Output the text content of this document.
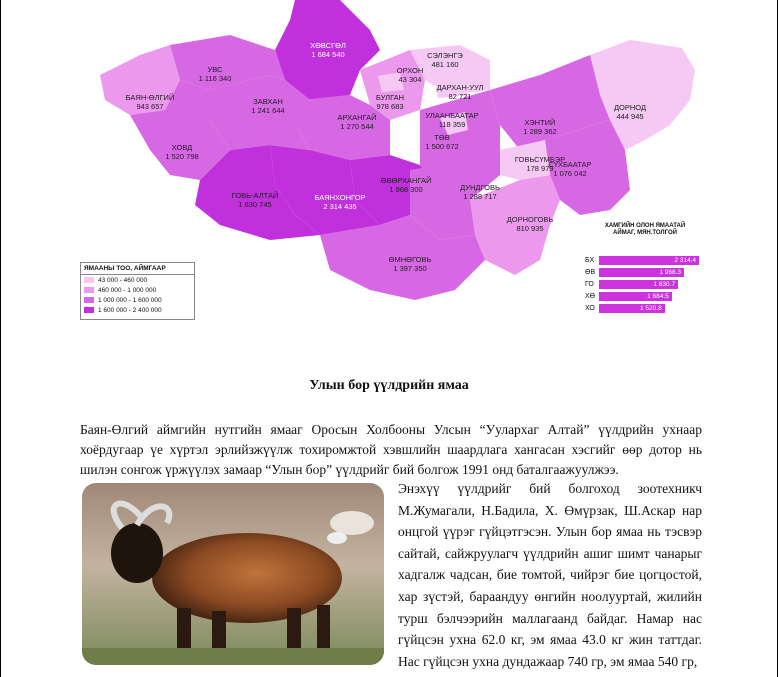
ХӨВСГӨЛ
1 684 540
УВС
1 116 340
БАЯН-ӨЛГИЙ
943 657
ЗАВХАН
1 241 644
ХОВД
1 520 798
АРХАНГАЙ
1 270 544
БУЛГАН
978 683
ОРХОН
43 304
СЭЛЭНГЭ
481 160
ДАРХАН-УУЛ
82 721
УЛААНБААТАР
118 359
ТӨВ
1 500 672
ХЭНТИЙ
1 289 362
ДОРНОД
444 945
ГОВЬ-АЛТАЙ
1 830 745
БАЯНХОНГОР
2 314 435
ӨВӨРХАНГАЙ
1 968 300	ДУНДГОВЬ
1 288 717
ГОВЬСҮМБЭР
178 979
СҮХБААТАР
1 076 042
ДОРНОГОВЬ
810 935
ӨМНӨГОВЬ
1 397 350
ЯМААНЫ ТОО, АЙМГААР
43 000 - 460 000
460 000 - 1 000 000
1 000 000 - 1 600 000
1 600 000 - 2 400 000
ХАМГИЙН ОЛОН ЯМААТАЙ
АЙМАГ, МЯН.ТОЛГОЙ
БХ	2 314.4
ӨВ	1 968.3
ГО	1 830.7
ХӨ	1 684.5
ХО	1 520.8
Улын бор үүлдрийн ямаа

Баян-Өлгий аймгийн нутгийн ямааг Оросын Холбооны Улсын “Уулархаг Алтай” үүлдрийн ухнаар хоёрдугаар үе хүртэл эрлийзжүүлж тохиромжтой хэвшлийн шаардлага хангасан хэсгийг өөр дотор нь шилэн сонгож үржүүлэх замаар “Улын бор” үүлдрийг бий болгож 1991 онд баталгаажуулжээ.

Энэхүү үүлдрийг бий болгоход зоотехникч М.Жумагали, Н.Бадила, Х. Өмүрзак, Ш.Аскар нар онцгой үүрэг гүйцэтгэсэн. Улын бор ямаа нь тэсвэр сайтай, сайжруулагч үүлдрийн ашиг шимт чанарыг хадгалж чадсан, бие томтой, чийрэг бие цогцостой, хар зүстэй, бараандуу өнгийн ноолууртай, жилийн турш бэлчээрийн маллагаанд байдаг. Намар нас гүйцсэн ухна 62.0 кг, эм ямаа 43.0 кг жин таттдаг. Нас гүйцсэн ухна дундажаар 740 гр, эм ямаа 540 гр,
